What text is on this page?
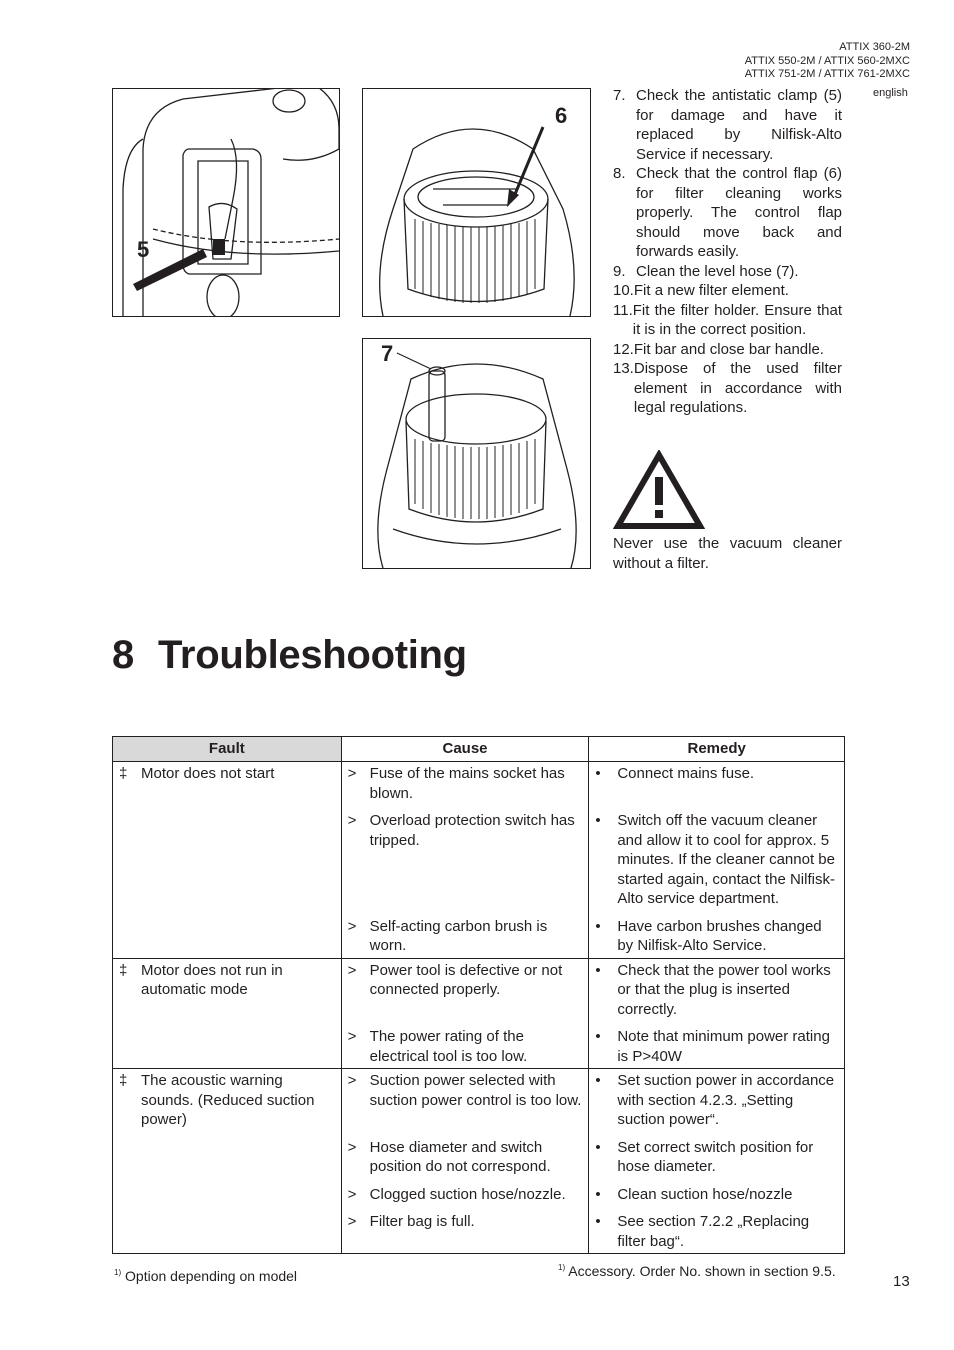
ATTIX 360-2M
ATTIX 550-2M / ATTIX 560-2MXC
ATTIX 751-2M / ATTIX 761-2MXC
english
5
6
7
7. Check the antistatic clamp (5) for damage and have it replaced by Nilfisk-Alto Service if necessary.
8. Check that the control flap (6) for filter cleaning works properly. The control flap should move back and forwards easily.
9. Clean the level hose (7).
10. Fit a new filter element.
11. Fit the filter holder. Ensure that it is in the correct position.
12. Fit bar and close bar handle.
13. Dispose of the used filter element in accordance with legal regulations.
Never use the vacuum cleaner without a filter.
8 Troubleshooting
Fault	Cause	Remedy

‡ Motor does not start	> Fuse of the mains socket has blown.	• Connect mains fuse.

	> Overload protection switch has tripped.	• Switch off the vacuum cleaner and allow it to cool for approx. 5 minutes. If the cleaner cannot be started again, contact the Nilfisk-Alto service department.

	> Self-acting carbon brush is worn.	• Have carbon brushes changed by Nilfisk-Alto Service.

‡ Motor does not run in automatic mode	> Power tool is defective or not connected properly.	• Check that the power tool works or that the plug is inserted correctly.

	> The power rating of the electrical tool is too low.	• Note that minimum power rating is P>40W

‡ The acoustic warning sounds. (Reduced suction power)	> Suction power selected with suction power control is too low.	• Set suction power in accordance with section 4.2.3. „Setting suction power“.

	> Hose diameter and switch position do not correspond.	• Set correct switch position for hose diameter.

	> Clogged suction hose/nozzle.	• Clean suction hose/nozzle

	> Filter bag is full.	• See section 7.2.2 „Replacing filter bag“.
$^{1)}$ Option depending on model
$^{1)}$ Accessory. Order No. shown in section 9.5.
13
